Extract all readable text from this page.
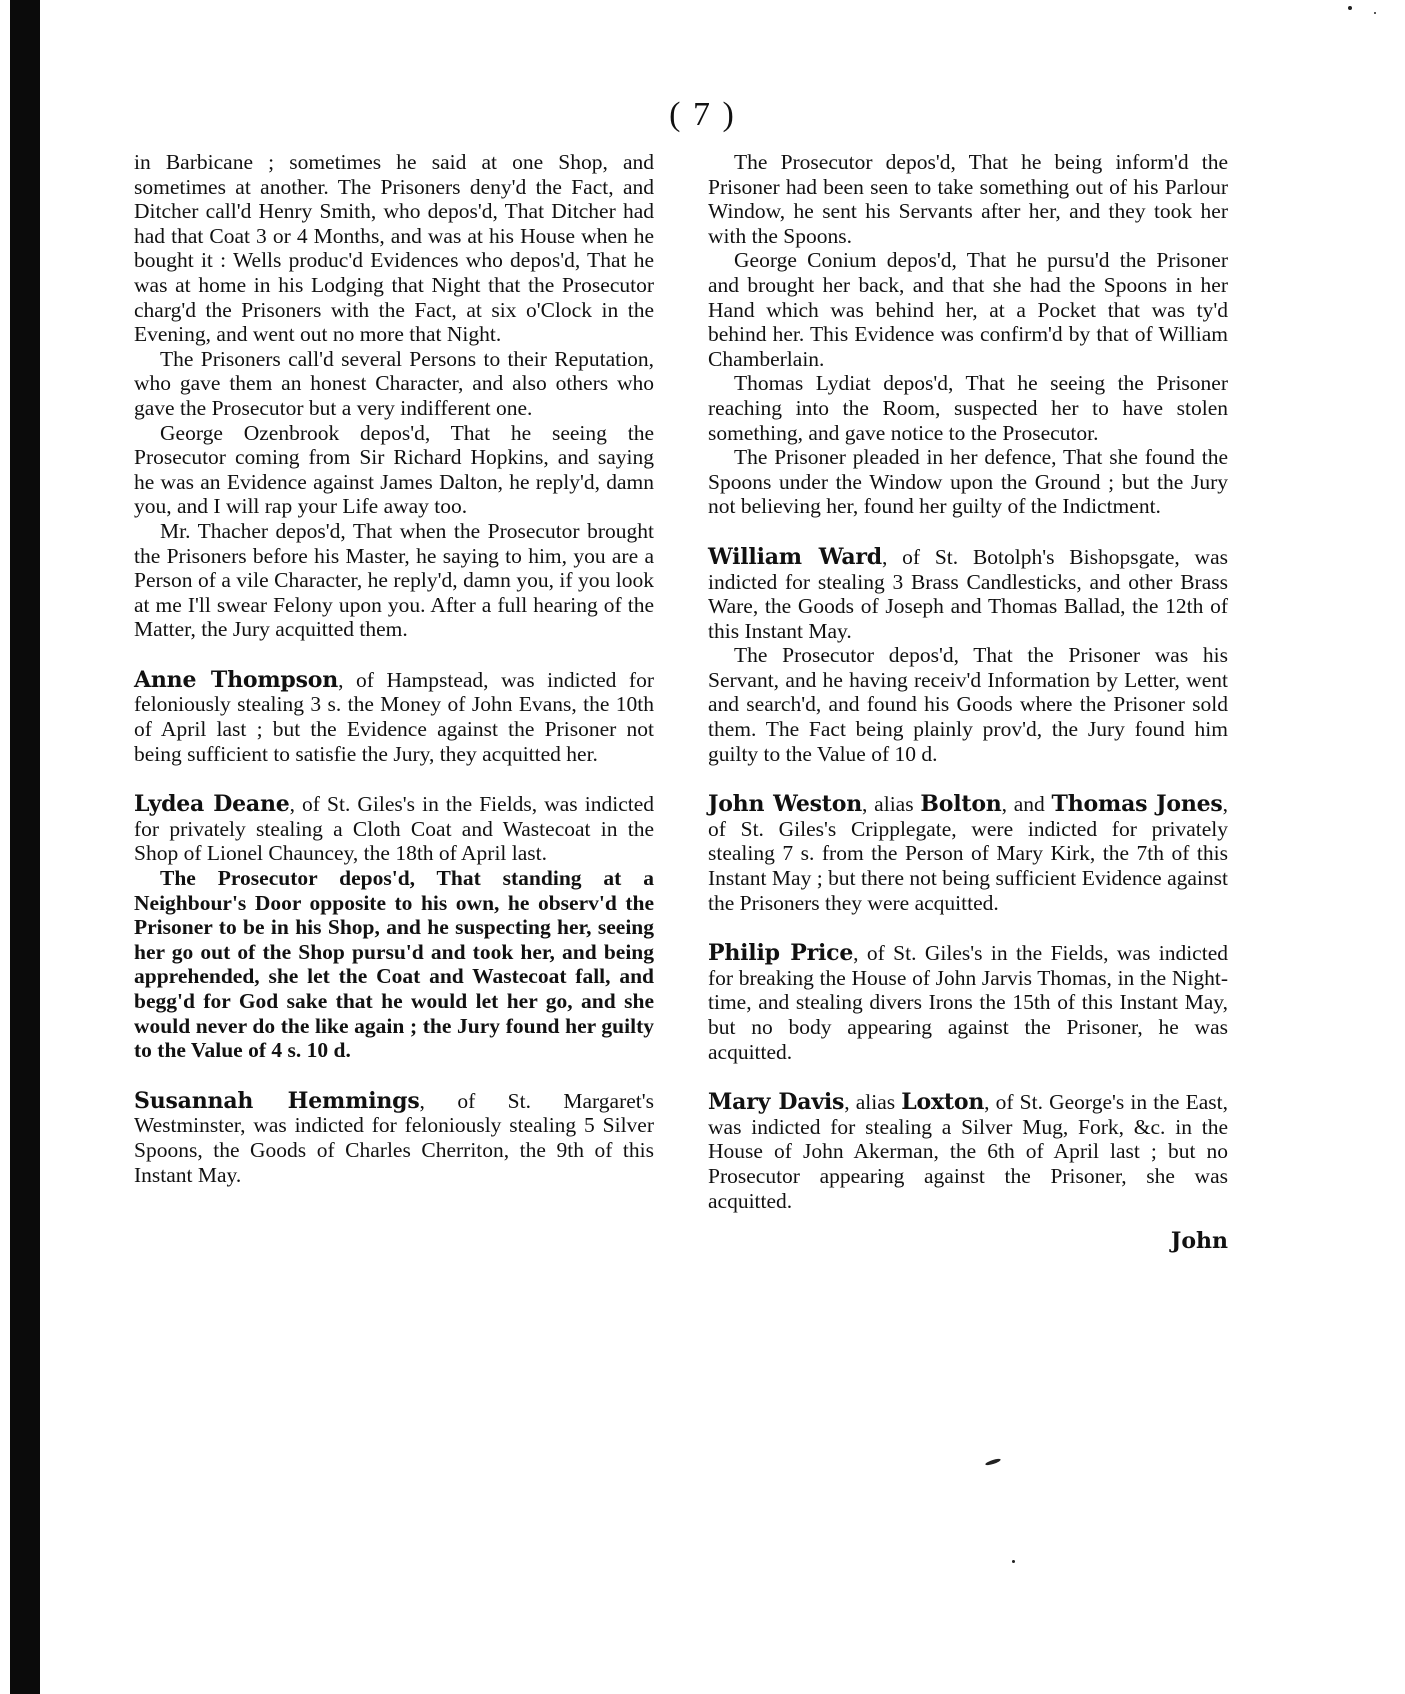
( 7 )

in Barbicane ; sometimes he said at one Shop, and sometimes at another. The Prisoners deny'd the Fact, and Ditcher call'd Henry Smith, who depos'd, That Ditcher had had that Coat 3 or 4 Months, and was at his House when he bought it : Wells produc'd Evidences who depos'd, That he was at home in his Lodging that Night that the Prosecutor charg'd the Prisoners with the Fact, at six o'Clock in the Evening, and went out no more that Night.

The Prisoners call'd several Persons to their Reputation, who gave them an honest Character, and also others who gave the Prosecutor but a very indifferent one.

George Ozenbrook depos'd, That he seeing the Prosecutor coming from Sir Richard Hopkins, and saying he was an Evidence against James Dalton, he reply'd, damn you, and I will rap your Life away too.

Mr. Thacher depos'd, That when the Prosecutor brought the Prisoners before his Master, he saying to him, you are a Person of a vile Character, he reply'd, damn you, if you look at me I'll swear Felony upon you. After a full hearing of the Matter, the Jury acquitted them.

Anne Thompson, of Hampstead, was indicted for feloniously stealing 3 s. the Money of John Evans, the 10th of April last ; but the Evidence against the Prisoner not being sufficient to satisfie the Jury, they acquitted her.

Lydea Deane, of St. Giles's in the Fields, was indicted for privately stealing a Cloth Coat and Wastecoat in the Shop of Lionel Chauncey, the 18th of April last.

The Prosecutor depos'd, That standing at a Neighbour's Door opposite to his own, he observ'd the Prisoner to be in his Shop, and he suspecting her, seeing her go out of the Shop pursu'd and took her, and being apprehended, she let the Coat and Wastecoat fall, and begg'd for God sake that he would let her go, and she would never do the like again ; the Jury found her guilty to the Value of 4 s. 10 d.

Susannah Hemmings, of St. Margaret's Westminster, was indicted for feloniously stealing 5 Silver Spoons, the Goods of Charles Cherriton, the 9th of this Instant May.

The Prosecutor depos'd, That he being inform'd the Prisoner had been seen to take something out of his Parlour Window, he sent his Servants after her, and they took her with the Spoons.

George Conium depos'd, That he pursu'd the Prisoner and brought her back, and that she had the Spoons in her Hand which was behind her, at a Pocket that was ty'd behind her. This Evidence was confirm'd by that of William Chamberlain.

Thomas Lydiat depos'd, That he seeing the Prisoner reaching into the Room, suspected her to have stolen something, and gave notice to the Prosecutor.

The Prisoner pleaded in her defence, That she found the Spoons under the Window upon the Ground ; but the Jury not believing her, found her guilty of the Indictment.

William Ward, of St. Botolph's Bishopsgate, was indicted for stealing 3 Brass Candlesticks, and other Brass Ware, the Goods of Joseph and Thomas Ballad, the 12th of this Instant May.

The Prosecutor depos'd, That the Prisoner was his Servant, and he having receiv'd Information by Letter, went and search'd, and found his Goods where the Prisoner sold them. The Fact being plainly prov'd, the Jury found him guilty to the Value of 10 d.

John Weston, alias Bolton, and Thomas Jones, of St. Giles's Cripplegate, were indicted for privately stealing 7 s. from the Person of Mary Kirk, the 7th of this Instant May ; but there not being sufficient Evidence against the Prisoners they were acquitted.

Philip Price, of St. Giles's in the Fields, was indicted for breaking the House of John Jarvis Thomas, in the Night-time, and stealing divers Irons the 15th of this Instant May, but no body appearing against the Prisoner, he was acquitted.

Mary Davis, alias Loxton, of St. George's in the East, was indicted for stealing a Silver Mug, Fork, &c. in the House of John Akerman, the 6th of April last ; but no Prosecutor appearing against the Prisoner, she was acquitted.

John
